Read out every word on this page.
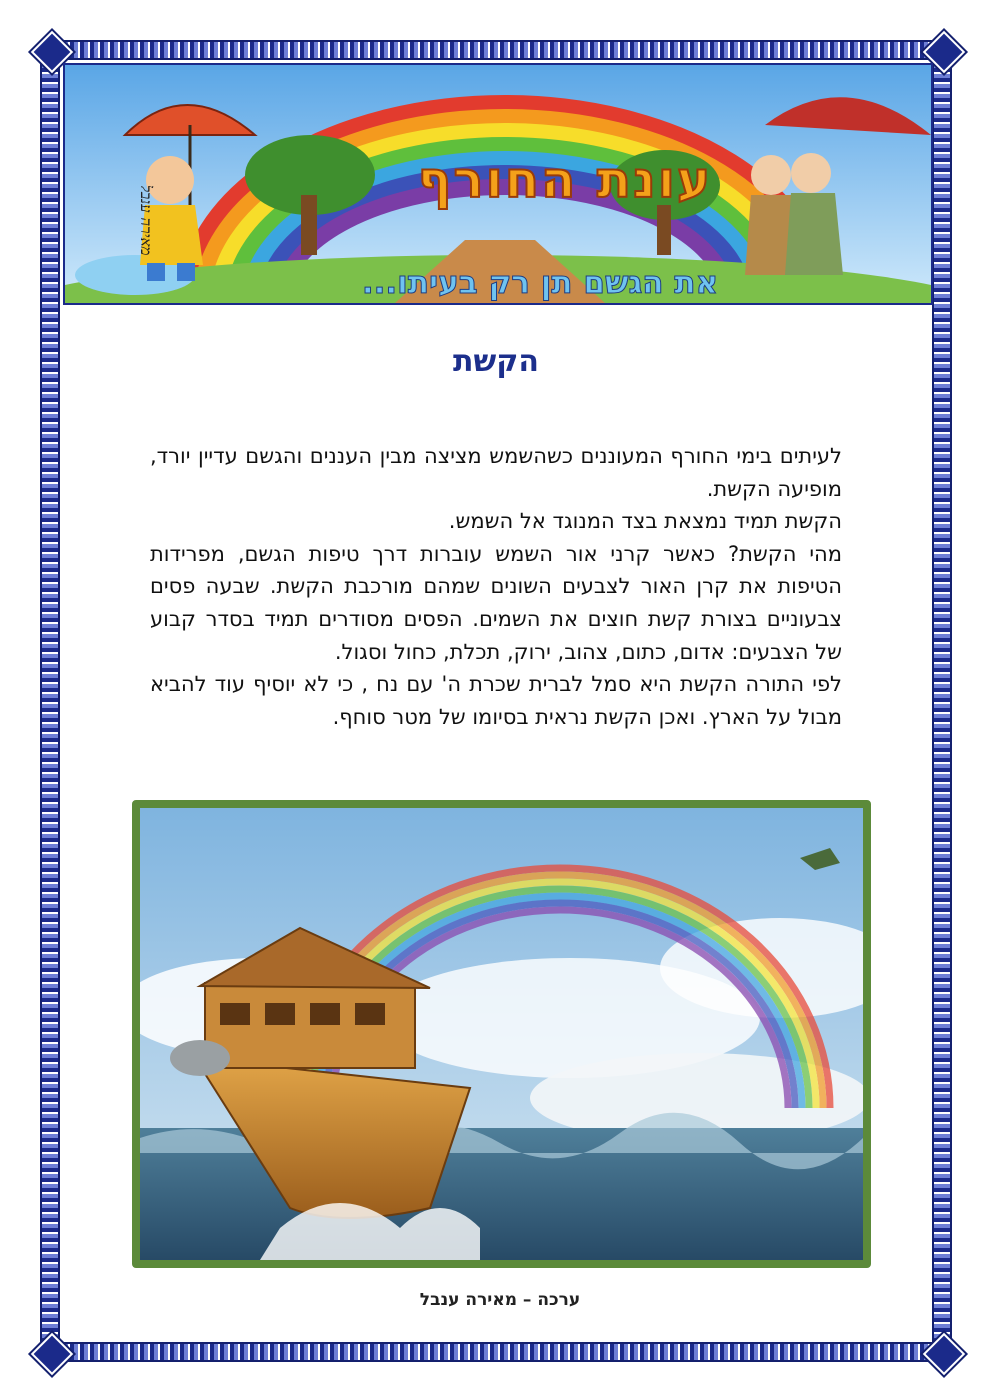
עונת החורף
את הגשם תן רק בעיתו...
מאירה ענבל
הקשת

לעיתים בימי החורף המעוננים כשהשמש מציצה מבין העננים והגשם עדיין יורד, מופיעה הקשת.

הקשת תמיד נמצאת בצד המנוגד אל השמש.

מהי הקשת? כאשר קרני אור השמש עוברות דרך טיפות הגשם, מפרידות הטיפות את קרן האור לצבעים השונים שמהם מורכבת הקשת. שבעה פסים צבעוניים בצורת קשת חוצים את השמים. הפסים מסודרים תמיד בסדר קבוע של הצבעים: אדום, כתום, צהוב, ירוק, תכלת, כחול וסגול.

לפי התורה הקשת היא סמל לברית שכרת ה' עם נח , כי לא יוסיף עוד להביא מבול על הארץ. ואכן הקשת נראית בסיומו של מטר סוחף.

ערכה – מאירה ענבל
